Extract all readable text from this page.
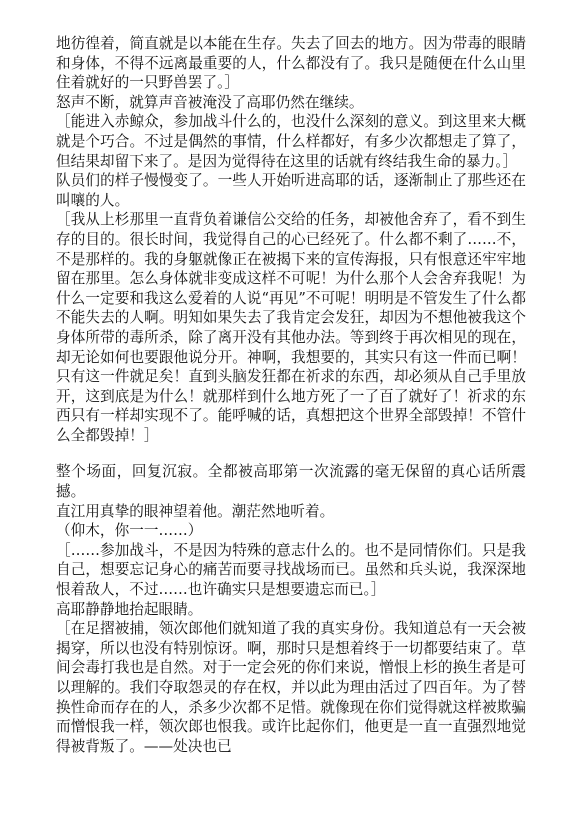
地彷徨着，简直就是以本能在生存。失去了回去的地方。因为带毒的眼睛和身体，不得不远离最重要的人，什么都没有了。我只是随便在什么山里住着就好的一只野兽罢了。］

怒声不断，就算声音被淹没了高耶仍然在继续。

［能进入赤鲸众，参加战斗什么的，也没什么深刻的意义。到这里来大概就是个巧合。不过是偶然的事情，什么样都好，有多少次都想走了算了，但结果却留下来了。是因为觉得待在这里的话就有终结我生命的暴力。］

队员们的样子慢慢变了。一些人开始听进高耶的话，逐渐制止了那些还在叫嚷的人。

［我从上杉那里一直背负着谦信公交给的任务，却被他舍弃了，看不到生存的目的。很长时间，我觉得自己的心已经死了。什么都不剩了……不，不是那样的。我的身躯就像正在被揭下来的宣传海报，只有恨意还牢牢地留在那里。怎么身体就非变成这样不可呢！为什么那个人会舍弃我呢！为什么一定要和我这么爱着的人说“再见”不可呢！明明是不管发生了什么都不能失去的人啊。明知如果失去了我肯定会发狂，却因为不想他被我这个身体所带的毒所杀，除了离开没有其他办法。等到终于再次相见的现在，却无论如何也要跟他说分开。神啊，我想要的，其实只有这一件而已啊！只有这一件就足矣！直到头脑发狂都在祈求的东西，却必须从自己手里放开，这到底是为什么！就那样到什么地方死了一了百了就好了！祈求的东西只有一样却实现不了。能呼喊的话，真想把这个世界全部毁掉！不管什么全都毁掉！］

整个场面，回复沉寂。全都被高耶第一次流露的毫无保留的真心话所震撼。

直江用真挚的眼神望着他。潮茫然地听着。

（仰木，你一一……）

［……参加战斗，不是因为特殊的意志什么的。也不是同情你们。只是我自己，想要忘记身心的痛苦而要寻找战场而已。虽然和兵头说，我深深地恨着敌人，不过……也许确实只是想要遗忘而已。］

高耶静静地抬起眼睛。

［在足摺被捕，领次郎他们就知道了我的真实身份。我知道总有一天会被揭穿，所以也没有特别惊讶。啊，那时只是想着终于一切都要结束了。草间会毒打我也是自然。对于一定会死的你们来说，憎恨上杉的换生者是可以理解的。我们夺取怨灵的存在权，并以此为理由活过了四百年。为了替换性命而存在的人，杀多少次都不足惜。就像现在你们觉得就这样被欺骗而憎恨我一样，领次郎也恨我。或许比起你们，他更是一直一直强烈地觉得被背叛了。——处决也已
